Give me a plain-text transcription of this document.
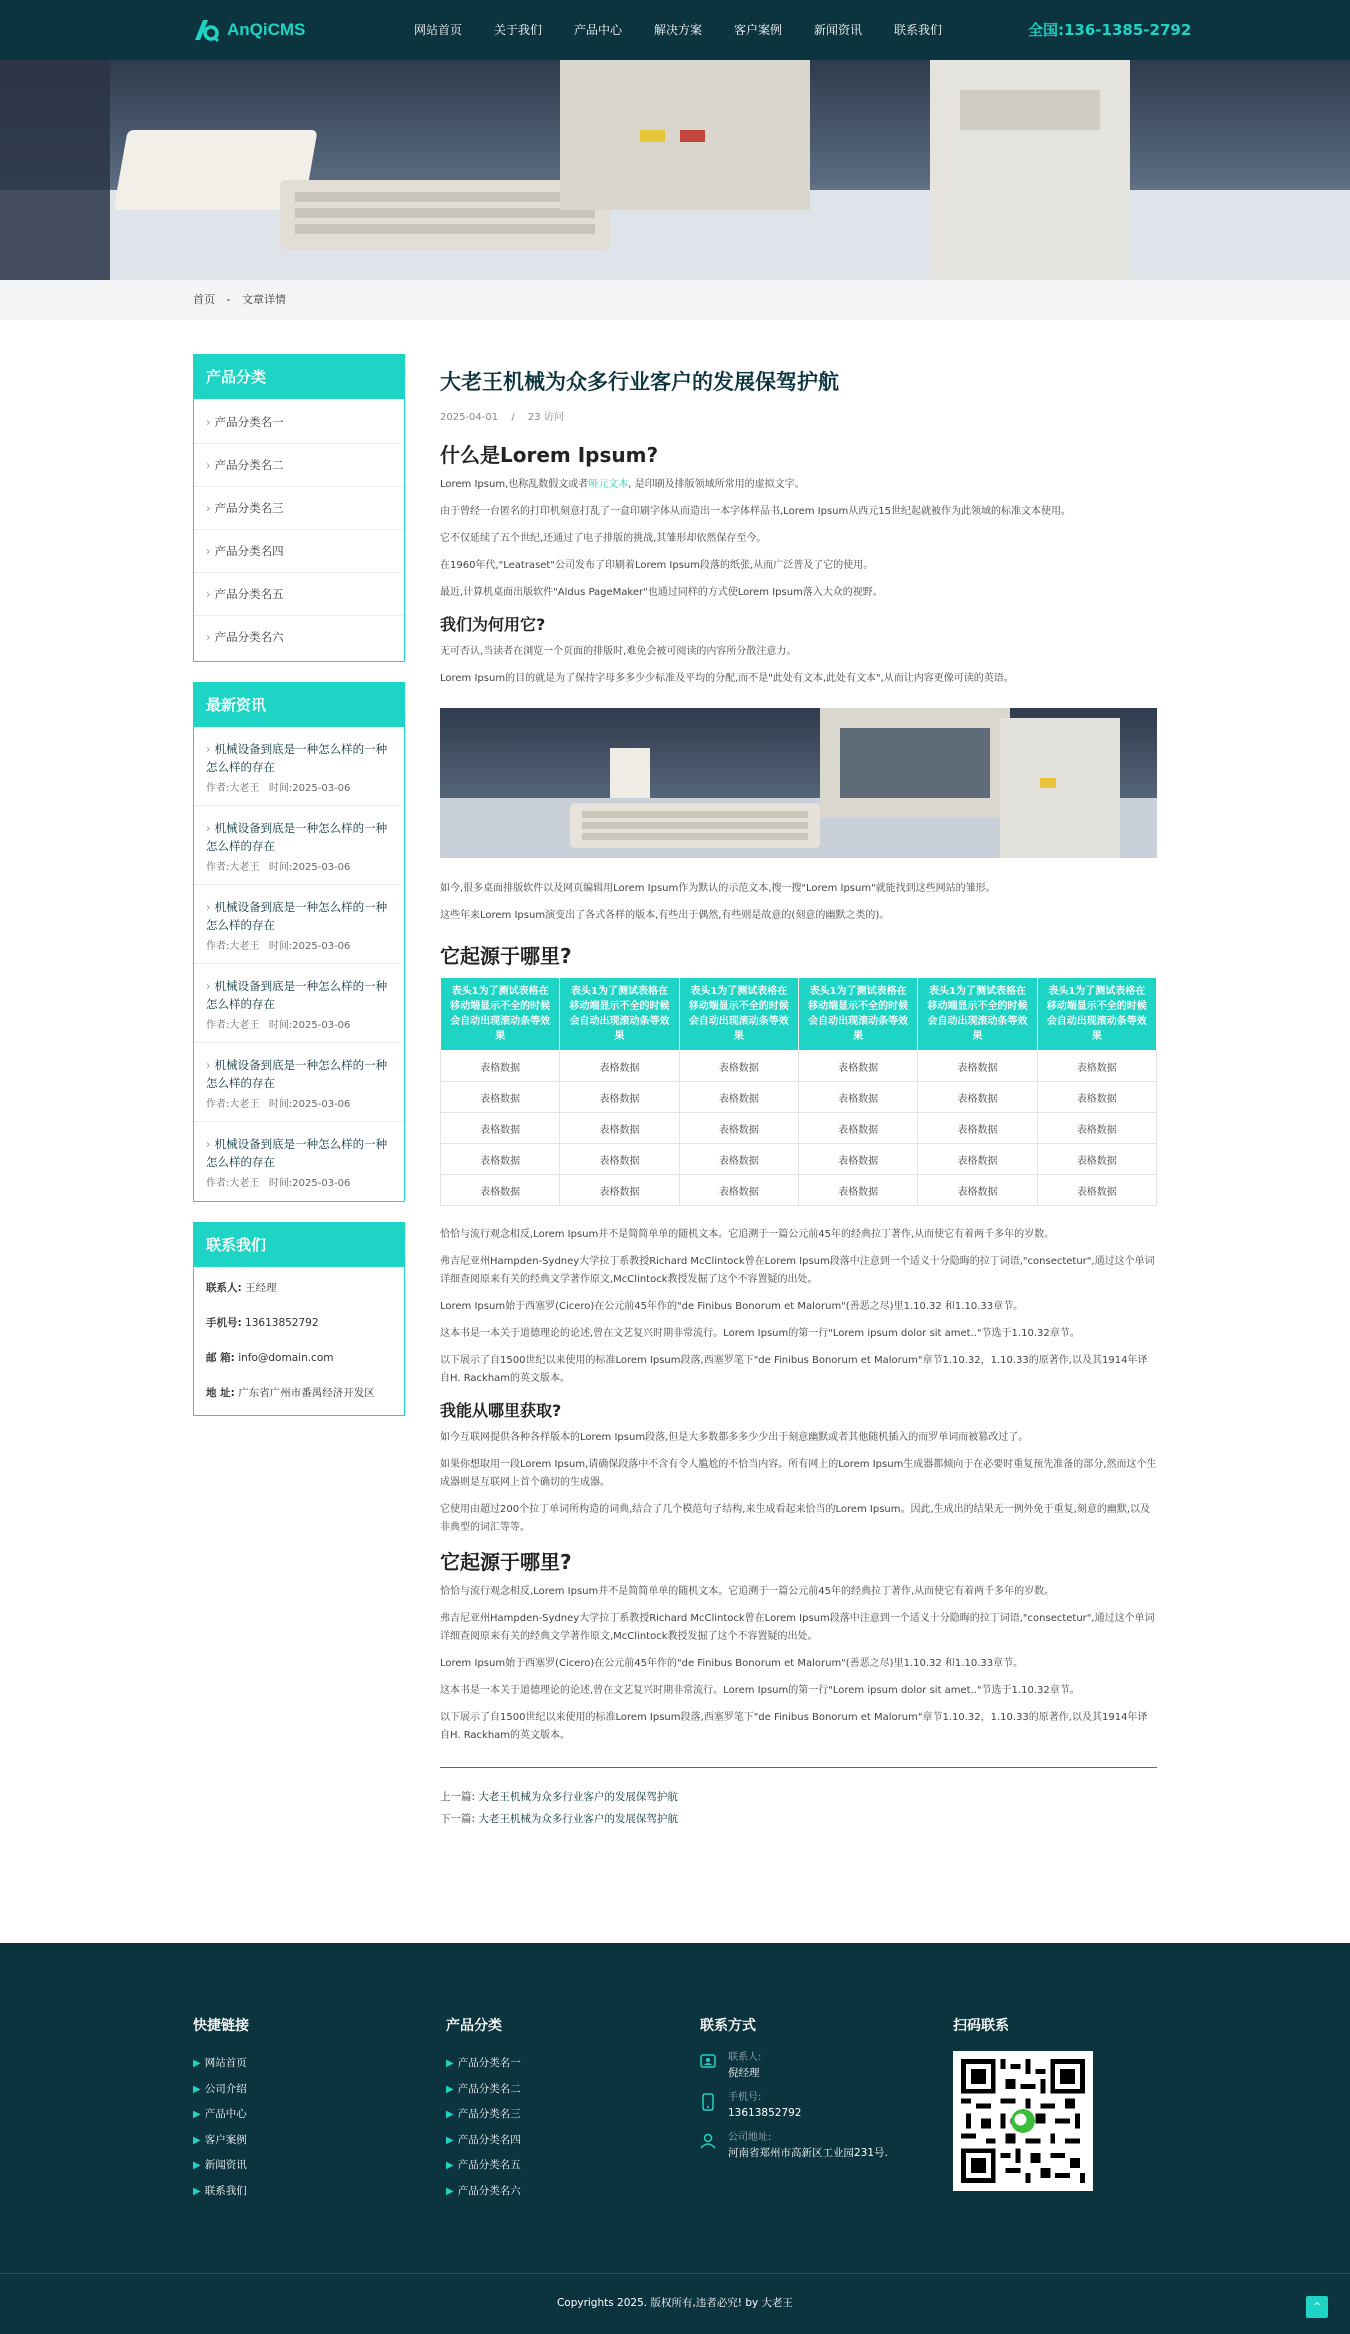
AnQiCMS	网站首页	关于我们	产品中心	解决方案	客户案例	新闻资讯	联系我们	全国:136-1385-2792
首页 - 文章详情
产品分类
› 产品分类名一
› 产品分类名二
› 产品分类名三
› 产品分类名四
› 产品分类名五
› 产品分类名六
最新资讯
› 机械设备到底是一种怎么样的一种怎么样的存在
作者:大老王 时间:2025-03-06
› 机械设备到底是一种怎么样的一种怎么样的存在
作者:大老王 时间:2025-03-06
› 机械设备到底是一种怎么样的一种怎么样的存在
作者:大老王 时间:2025-03-06
› 机械设备到底是一种怎么样的一种怎么样的存在
作者:大老王 时间:2025-03-06
› 机械设备到底是一种怎么样的一种怎么样的存在
作者:大老王 时间:2025-03-06
› 机械设备到底是一种怎么样的一种怎么样的存在
作者:大老王 时间:2025-03-06
联系我们
联系人: 王经理
手机号: 13613852792
邮 箱: info@domain.com
地 址: 广东省广州市番禺经济开发区
大老王机械为众多行业客户的发展保驾护航
2025-04-01 / 23 访问
什么是Lorem Ipsum?

Lorem Ipsum,也称乱数假文或者哑元文本, 是印刷及排版领域所常用的虚拟文字。

由于曾经一台匿名的打印机刻意打乱了一盒印刷字体从而造出一本字体样品书,Lorem Ipsum从西元15世纪起就被作为此领域的标准文本使用。

它不仅延续了五个世纪,还通过了电子排版的挑战,其雏形却依然保存至今。

在1960年代,"Leatraset"公司发布了印刷着Lorem Ipsum段落的纸张,从而广泛普及了它的使用。

最近,计算机桌面出版软件"Aldus PageMaker"也通过同样的方式使Lorem Ipsum落入大众的视野。

我们为何用它?

无可否认,当读者在浏览一个页面的排版时,难免会被可阅读的内容所分散注意力。

Lorem Ipsum的目的就是为了保持字母多多少少标准及平均的分配,而不是"此处有文本,此处有文本",从而让内容更像可读的英语。

如今,很多桌面排版软件以及网页编辑用Lorem Ipsum作为默认的示范文本,搜一搜"Lorem Ipsum"就能找到这些网站的雏形。

这些年来Lorem Ipsum演变出了各式各样的版本,有些出于偶然,有些则是故意的(刻意的幽默之类的)。

它起源于哪里?
表头1为了测试表格在移动端显示不全的时候会自动出现滚动条等效果	表头1为了测试表格在移动端显示不全的时候会自动出现滚动条等效果	表头1为了测试表格在移动端显示不全的时候会自动出现滚动条等效果	表头1为了测试表格在移动端显示不全的时候会自动出现滚动条等效果	表头1为了测试表格在移动端显示不全的时候会自动出现滚动条等效果	表头1为了测试表格在移动端显示不全的时候会自动出现滚动条等效果
表格数据	表格数据	表格数据	表格数据	表格数据	表格数据
表格数据	表格数据	表格数据	表格数据	表格数据	表格数据
表格数据	表格数据	表格数据	表格数据	表格数据	表格数据
表格数据	表格数据	表格数据	表格数据	表格数据	表格数据
表格数据	表格数据	表格数据	表格数据	表格数据	表格数据

恰恰与流行观念相反,Lorem Ipsum并不是简简单单的随机文本。它追溯于一篇公元前45年的经典拉丁著作,从而使它有着两千多年的岁数。

弗吉尼亚州Hampden-Sydney大学拉丁系教授Richard McClintock曾在Lorem Ipsum段落中注意到一个适义十分隐晦的拉丁词语,"consectetur",通过这个单词详细查阅原来有关的经典文学著作原文,McClintock教授发掘了这个不容置疑的出处。

Lorem Ipsum始于西塞罗(Cicero)在公元前45年作的"de Finibus Bonorum et Malorum"(善恶之尽)里1.10.32 和1.10.33章节。

这本书是一本关于道德理论的论述,曾在文艺复兴时期非常流行。Lorem Ipsum的第一行"Lorem ipsum dolor sit amet.."节选于1.10.32章节。

以下展示了自1500世纪以来使用的标准Lorem Ipsum段落,西塞罗笔下"de Finibus Bonorum et Malorum"章节1.10.32，1.10.33的原著作,以及其1914年译自H. Rackham的英文版本。

我能从哪里获取?

如今互联网提供各种各样版本的Lorem Ipsum段落,但是大多数都多多少少出于刻意幽默或者其他随机插入的而罗单词而被篡改过了。

如果你想取用一段Lorem Ipsum,请确保段落中不含有令人尴尬的不恰当内容。所有网上的Lorem Ipsum生成器都倾向于在必要时重复预先准备的部分,然而这个生成器则是互联网上首个确切的生成器。

它使用由超过200个拉丁单词所构造的词典,结合了几个模范句子结构,来生成看起来恰当的Lorem Ipsum。因此,生成出的结果无一例外免于重复,刻意的幽默,以及非典型的词汇等等。

它起源于哪里?

恰恰与流行观念相反,Lorem Ipsum并不是简简单单的随机文本。它追溯于一篇公元前45年的经典拉丁著作,从而使它有着两千多年的岁数。

弗吉尼亚州Hampden-Sydney大学拉丁系教授Richard McClintock曾在Lorem Ipsum段落中注意到一个适义十分隐晦的拉丁词语,"consectetur",通过这个单词详细查阅原来有关的经典文学著作原文,McClintock教授发掘了这个不容置疑的出处。

Lorem Ipsum始于西塞罗(Cicero)在公元前45年作的"de Finibus Bonorum et Malorum"(善恶之尽)里1.10.32 和1.10.33章节。

这本书是一本关于道德理论的论述,曾在文艺复兴时期非常流行。Lorem Ipsum的第一行"Lorem ipsum dolor sit amet.."节选于1.10.32章节。

以下展示了自1500世纪以来使用的标准Lorem Ipsum段落,西塞罗笔下"de Finibus Bonorum et Malorum"章节1.10.32，1.10.33的原著作,以及其1914年译自H. Rackham的英文版本。

上一篇: 大老王机械为众多行业客户的发展保驾护航
下一篇: 大老王机械为众多行业客户的发展保驾护航
快捷链接
▶ 网站首页
▶ 公司介绍
▶ 产品中心
▶ 客户案例
▶ 新闻资讯
▶ 联系我们
产品分类
▶ 产品分类名一
▶ 产品分类名二
▶ 产品分类名三
▶ 产品分类名四
▶ 产品分类名五
▶ 产品分类名六
联系方式
联系人:
倪经理
手机号:
13613852792
公司地址:
河南省郑州市高新区工业园231号.
扫码联系
Copyrights 2025. 版权所有,违者必究! by 大老王	⌃
